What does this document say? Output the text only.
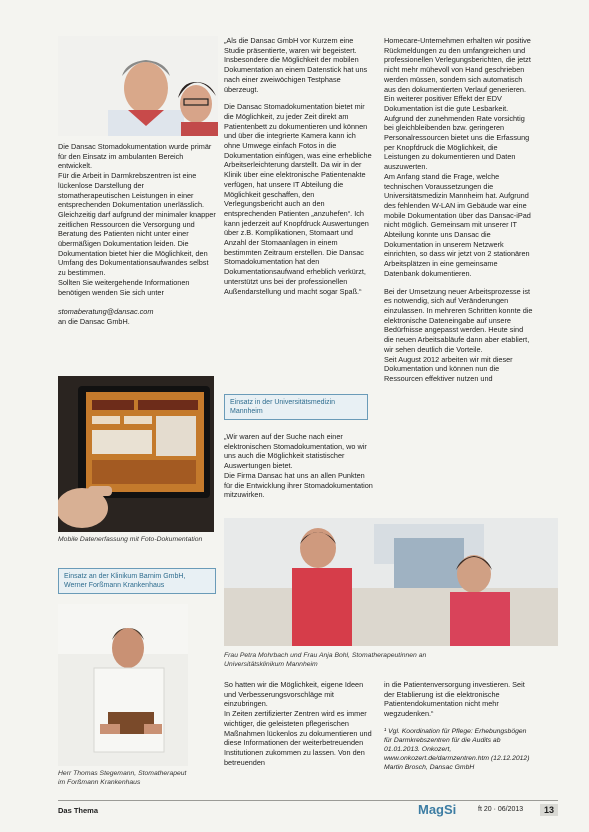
Die Dansac Stomadokumentation wurde primär für den Einsatz im ambulanten Bereich entwickelt.
Für die Arbeit in Darmkrebszentren ist eine lückenlose Darstellung der stomatherapeutischen Leistungen in einer entsprechenden Dokumentation unerlässlich. Gleichzeitig darf aufgrund der minimaler knapper zeitlichen Ressourcen die Versorgung und Beratung des Patienten nicht unter einer übermäßigen Dokumentation leiden. Die Dokumentation bietet hier die Möglichkeit, den Umfang des Dokumentationsaufwandes selbst zu bestimmen.
Sollten Sie weitergehende Informationen benötigen wenden Sie sich unter

stomaberatung@dansac.com
an die Dansac GmbH.

Mobile Datenerfassung mit Foto-Dokumentation
Einsatz an der Klinikum Barnim GmbH,
Werner Forßmann Krankenhaus
Herr Thomas Stegemann, Stomatherapeut
im Forßmann Krankenhaus

„Als die Dansac GmbH vor Kurzem eine Studie präsentierte, waren wir begeistert. Insbesondere die Möglichkeit der mobilen Dokumentation an einem Datenstick hat uns nach einer zweiwöchigen Testphase überzeugt.

Die Dansac Stomadokumentation bietet mir die Möglichkeit, zu jeder Zeit direkt am Patientenbett zu dokumentieren und können und über die integrierte Kamera kann ich ohne Umwege einfach Fotos in die Dokumentation einfügen, was eine erhebliche Arbeitserleichterung darstellt. Da wir in der Klinik über eine elektronische Patientenakte verfügen, hat unsere IT Abteilung die Möglichkeit geschaffen, den Verlegungsbericht auch an den entsprechenden Patienten „anzuhefen“. Ich kann jederzeit auf Knopfdruck Auswertungen über z.B. Komplikationen, Stomaart und Anzahl der Stomaanlagen in einem bestimmten Zeitraum erstellen. Die Dansac Stomadokumentation hat den Dokumentationsaufwand erheblich verkürzt, unterstützt uns bei der professionellen Außendarstellung und macht sogar Spaß.“

Einsatz in der Universitätsmedizin
Mannheim

„Wir waren auf der Suche nach einer elektronischen Stomadokumentation, wo wir uns auch die Möglichkeit statistischer Auswertungen bietet.
Die Firma Dansac hat uns an allen Punkten für die Entwicklung ihrer Stomadokumentation mitzuwirken.

Frau Petra Mohrbach und Frau Anja Bohl, Stomatherapeutinnen an
Universitätsklinikum Mannheim

So hatten wir die Möglichkeit, eigene Ideen und Verbesserungsvorschläge mit einzubringen.
In Zeiten zertifizierter Zentren wird es immer wichtiger, die geleisteten pflegerischen Maßnahmen lückenlos zu dokumentieren und diese Informationen der weiterbetreuenden Institutionen zukommen zu lassen. Von den betreuenden

Homecare-Unternehmen erhalten wir positive Rückmeldungen zu den umfangreichen und professionellen Verlegungsberichten, die jetzt nicht mehr mühevoll von Hand geschrieben werden müssen, sondern sich automatisch aus den dokumentierten Verlauf generieren.
Ein weiterer positiver Effekt der EDV Dokumentation ist die gute Lesbarkeit. Aufgrund der zunehmenden Rate vorsichtig bei gleichbleibenden bzw. geringeren Personalressourcen bietet uns die Erfassung per Knopfdruck die Möglichkeit, die Leistungen zu dokumentieren und Daten auszuwerten.
Am Anfang stand die Frage, welche technischen Voraussetzungen die Universitätsmedizin Mannheim hat. Aufgrund des fehlenden W-LAN im Gebäude war eine mobile Dokumentation über das Dansac-iPad nicht möglich. Gemeinsam mit unserer IT Abteilung konnte uns Dansac die Dokumentation in unserem Netzwerk einrichten, so dass wir jetzt von 2 stationären Arbeitsplätzen in eine gemeinsame Datenbank dokumentieren.

Bei der Umsetzung neuer Arbeitsprozesse ist es notwendig, sich auf Veränderungen einzulassen. In mehreren Schritten konnte die elektronische Dateneingabe auf unsere Bedürfnisse angepasst werden. Heute sind die neuen Arbeitsabläufe dann aber etabliert, wir sehen deutlich die Vorteile.
Seit August 2012 arbeiten wir mit dieser Dokumentation und können nun die Ressourcen effektiver nutzen und

in die Patientenversorgung investieren. Seit der Etablierung ist die elektronische Patientendokumentation nicht mehr wegzudenken.“

¹ Vgl. Koordination für Pflege: Erhebungsbögen für Darmkrebszentren für die Audits ab 01.01.2013. Onkozert, www.onkozert.de/darmzentren.htm (12.12.2012)
Martin Brosch, Dansac GmbH
Das Thema	MagSi	ft 20 · 06/2013	13
